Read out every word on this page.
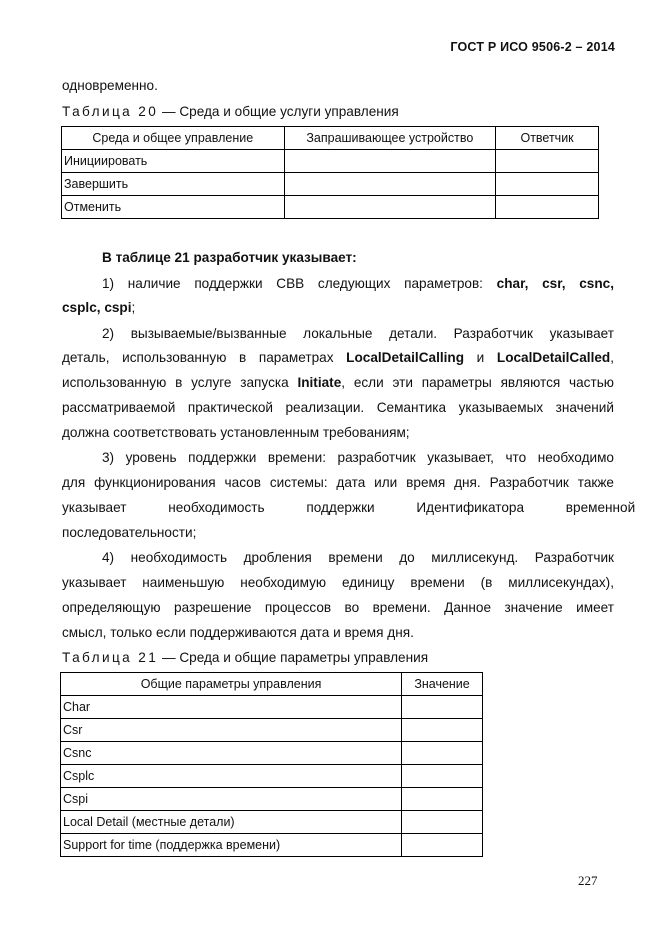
ГОСТ Р ИСО 9506-2 – 2014
одновременно.
Таблица 20 — Среда и общие услуги управления
Среда и общее управление	Запрашивающее устройство	Ответчик
Инициировать		
Завершить		
Отменить		
В таблице 21 разработчик указывает:
1) наличие поддержки СВВ следующих параметров: char, csr, csnc,
csplc, cspi;
2) вызываемые/вызванные локальные детали. Разработчик указывает
деталь, использованную в параметрах LocalDetailCalling и LocalDetailCalled,
использованную в услуге запуска Initiate, если эти параметры являются частью
рассматриваемой практической реализации. Семантика указываемых значений
должна соответствовать установленным требованиям;
3) уровень поддержки времени: разработчик указывает, что необходимо
для функционирования часов системы: дата или время дня. Разработчик также
указывает необходимость поддержки Идентификатора временной
последовательности;
4) необходимость дробления времени до миллисекунд. Разработчик
указывает наименьшую необходимую единицу времени (в миллисекундах),
определяющую разрешение процессов во времени. Данное значение имеет
смысл, только если поддерживаются дата и время дня.
Таблица 21 — Среда и общие параметры управления
Общие параметры управления	Значение
Char	
Csr	
Csnc	
Csplc	
Cspi	
Local Detail (местные детали)	
Support for time (поддержка времени)	
227
